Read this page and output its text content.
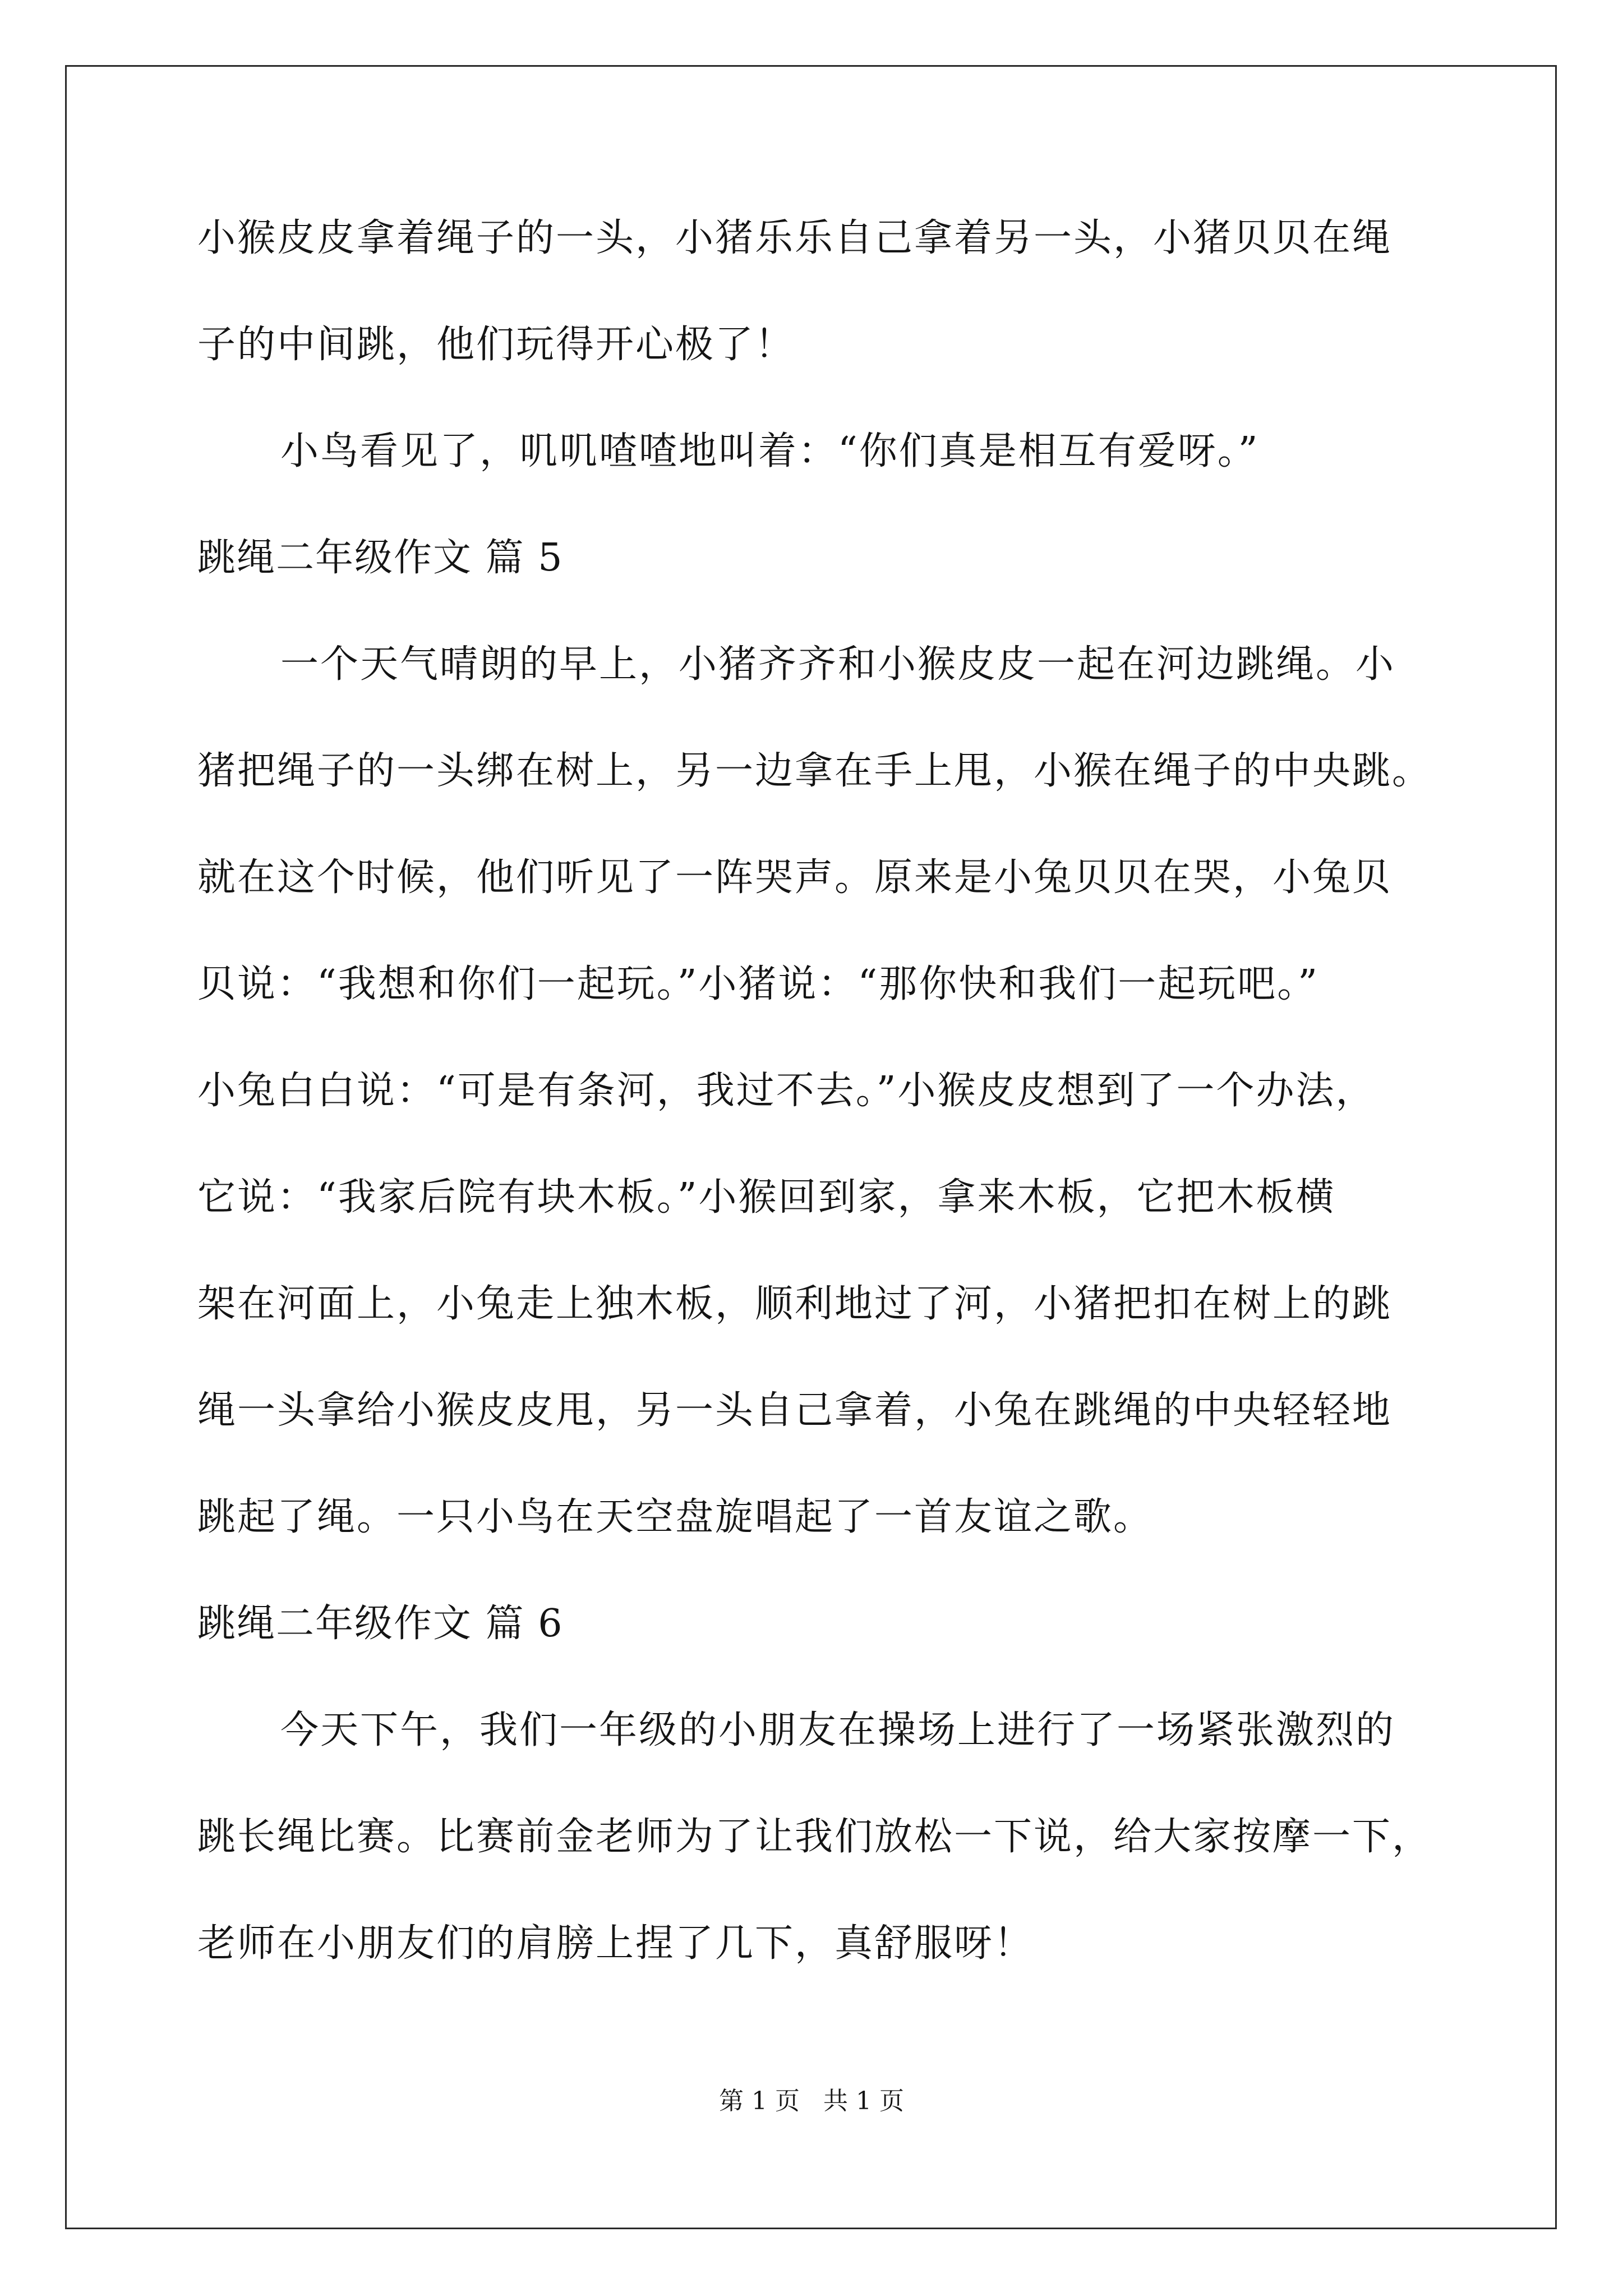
小猴皮皮拿着绳子的一头，小猪乐乐自己拿着另一头，小猪贝贝在绳
子的中间跳，他们玩得开心极了！
小鸟看见了，叽叽喳喳地叫着：“你们真是相互有爱呀。”
跳绳二年级作文 篇 5
一个天气晴朗的早上，小猪齐齐和小猴皮皮一起在河边跳绳。小
猪把绳子的一头绑在树上，另一边拿在手上甩，小猴在绳子的中央跳。
就在这个时候，他们听见了一阵哭声。原来是小兔贝贝在哭，小兔贝
贝说：“我想和你们一起玩。”小猪说：“那你快和我们一起玩吧。”
小兔白白说：“可是有条河，我过不去。”小猴皮皮想到了一个办法，
它说：“我家后院有块木板。”小猴回到家，拿来木板，它把木板横
架在河面上，小兔走上独木板，顺利地过了河，小猪把扣在树上的跳
绳一头拿给小猴皮皮甩，另一头自己拿着，小兔在跳绳的中央轻轻地
跳起了绳。一只小鸟在天空盘旋唱起了一首友谊之歌。
跳绳二年级作文 篇 6
今天下午，我们一年级的小朋友在操场上进行了一场紧张激烈的
跳长绳比赛。比赛前金老师为了让我们放松一下说，给大家按摩一下，
老师在小朋友们的肩膀上捏了几下，真舒服呀！
第 1 页   共 1 页
